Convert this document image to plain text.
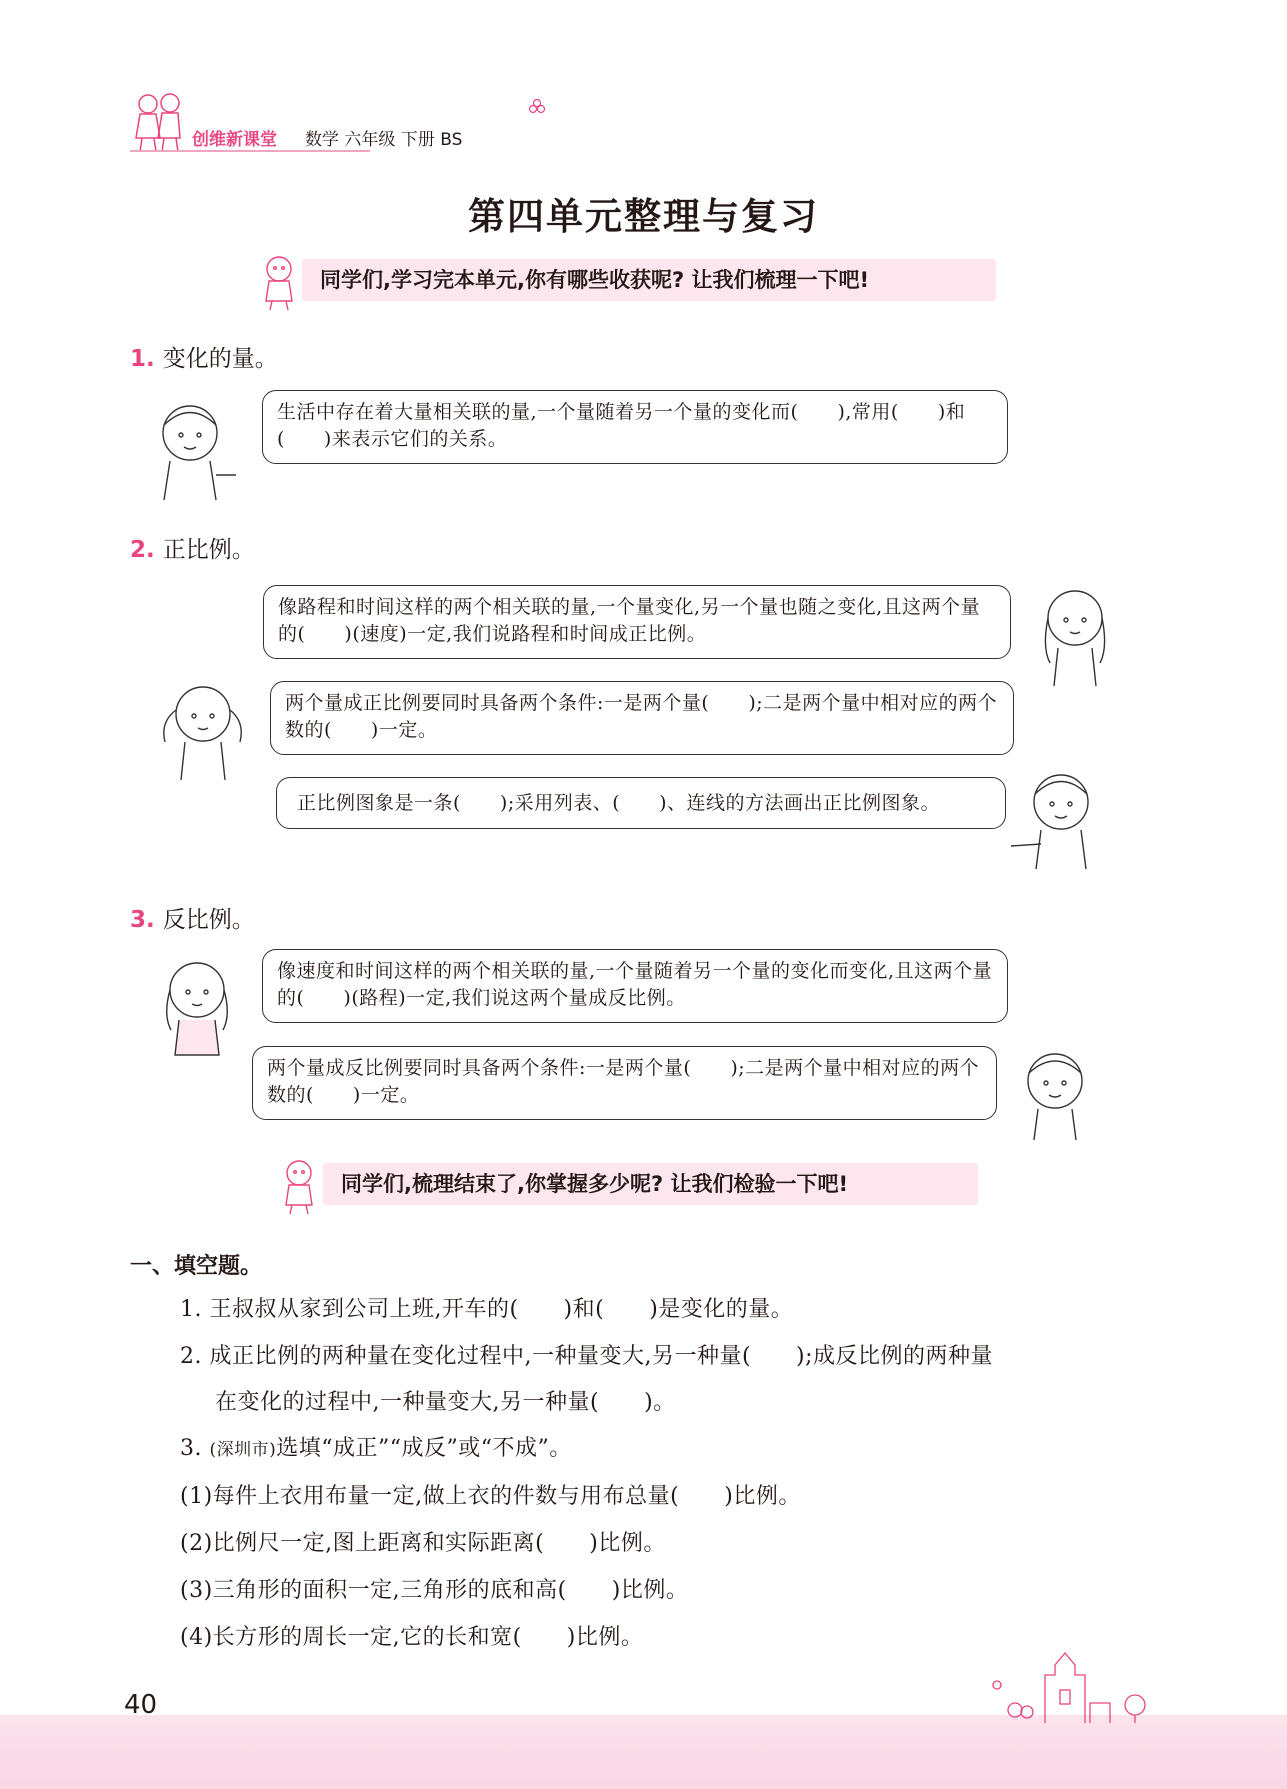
创维新课堂 数学 六年级 下册 BS
第四单元整理与复习
同学们,学习完本单元,你有哪些收获呢? 让我们梳理一下吧!
1. 变化的量。
生活中存在着大量相关联的量,一个量随着另一个量的变化而(　　),常用(　　)和(　　)来表示它们的关系。
2. 正比例。
像路程和时间这样的两个相关联的量,一个量变化,另一个量也随之变化,且这两个量的(　　)(速度)一定,我们说路程和时间成正比例。
两个量成正比例要同时具备两个条件:一是两个量(　　);二是两个量中相对应的两个数的(　　)一定。
正比例图象是一条(　　);采用列表、(　　)、连线的方法画出正比例图象。
3. 反比例。
像速度和时间这样的两个相关联的量,一个量随着另一个量的变化而变化,且这两个量的(　　)(路程)一定,我们说这两个量成反比例。
两个量成反比例要同时具备两个条件:一是两个量(　　);二是两个量中相对应的两个数的(　　)一定。
同学们,梳理结束了,你掌握多少呢? 让我们检验一下吧!
一、填空题。
1. 王叔叔从家到公司上班,开车的(　　)和(　　)是变化的量。
2. 成正比例的两种量在变化过程中,一种量变大,另一种量(　　);成反比例的两种量
在变化的过程中,一种量变大,另一种量(　　)。
3. (深圳市)选填“成正”“成反”或“不成”。
(1)每件上衣用布量一定,做上衣的件数与用布总量(　　)比例。
(2)比例尺一定,图上距离和实际距离(　　)比例。
(3)三角形的面积一定,三角形的底和高(　　)比例。
(4)长方形的周长一定,它的长和宽(　　)比例。
40
